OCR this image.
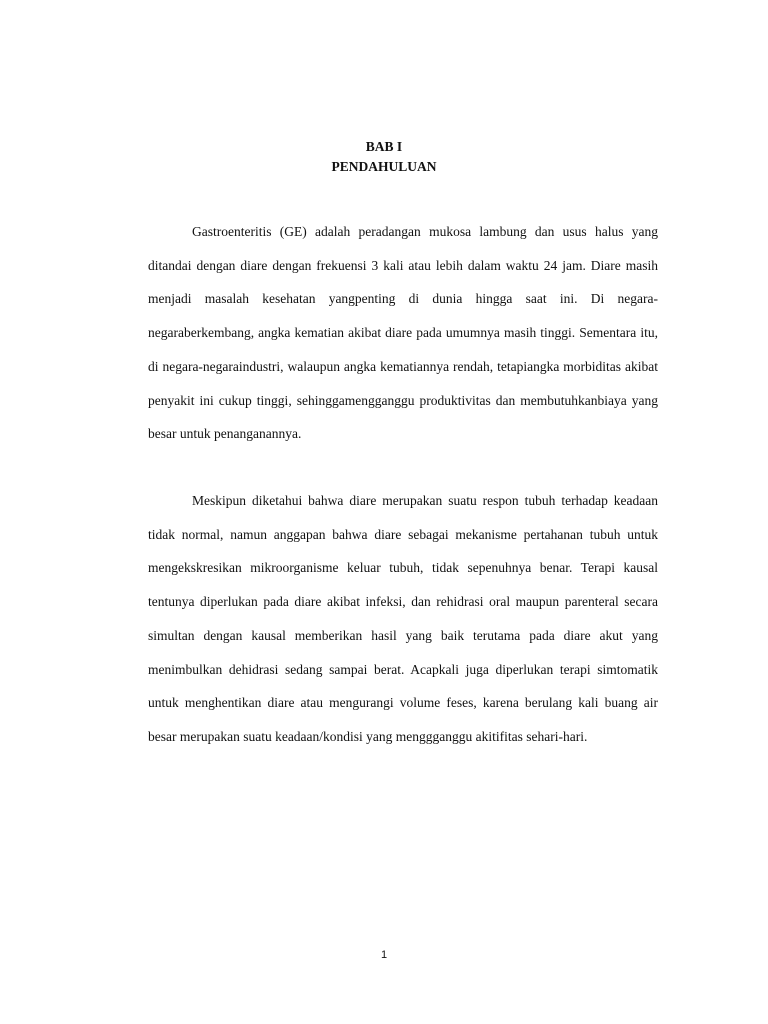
BAB I
PENDAHULUAN

Gastroenteritis (GE) adalah peradangan mukosa lambung dan usus halus yang ditandai dengan diare dengan frekuensi 3 kali atau lebih dalam waktu 24 jam. Diare masih menjadi masalah kesehatan yangpenting di dunia hingga saat ini. Di negara-negaraberkembang, angka kematian akibat diare pada umumnya masih tinggi. Sementara itu, di negara-negaraindustri, walaupun angka kematiannya rendah, tetapiangka morbiditas akibat penyakit ini cukup tinggi, sehinggamengganggu produktivitas dan membutuhkanbiaya yang besar untuk penanganannya.

Meskipun diketahui bahwa diare merupakan suatu respon tubuh terhadap keadaan tidak normal, namun anggapan bahwa diare sebagai mekanisme pertahanan tubuh untuk mengekskresikan mikroorganisme keluar tubuh, tidak sepenuhnya benar. Terapi kausal tentunya diperlukan pada diare akibat infeksi, dan rehidrasi oral maupun parenteral secara simultan dengan kausal memberikan hasil yang baik terutama pada diare akut yang menimbulkan dehidrasi sedang sampai berat. Acapkali juga diperlukan terapi simtomatik untuk menghentikan diare atau mengurangi volume feses, karena berulang kali buang air besar merupakan suatu keadaan/kondisi yang menggganggu akitifitas sehari-hari.

1
